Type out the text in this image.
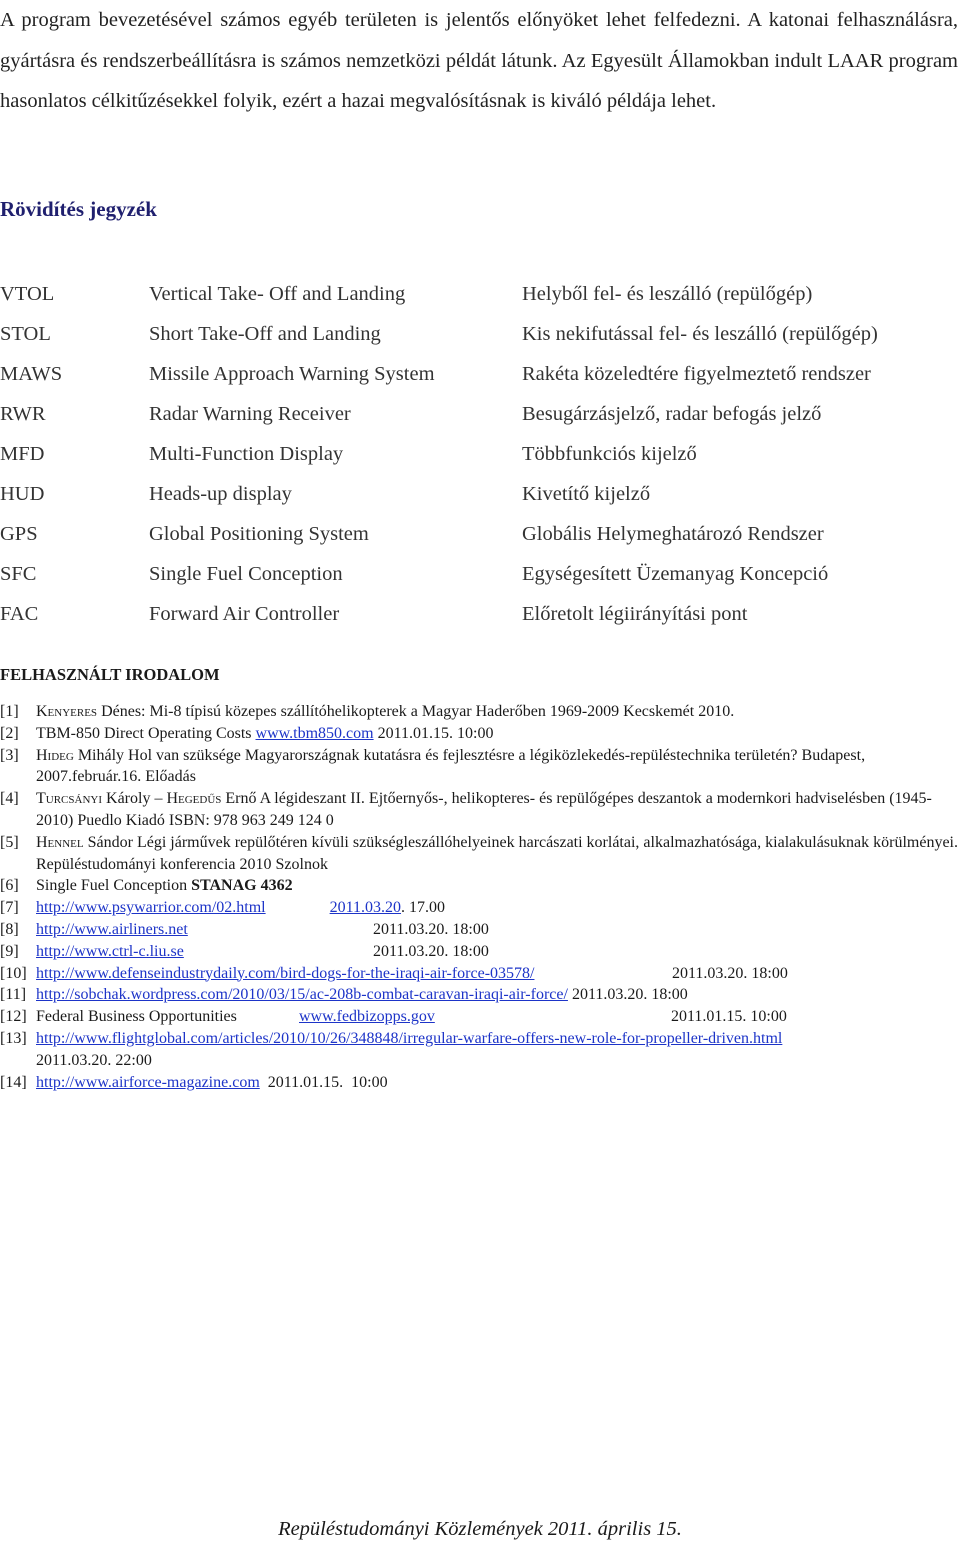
A program bevezetésével számos egyéb területen is jelentős előnyöket lehet felfedezni. A katonai felhasználásra, gyártásra és rendszerbeállításra is számos nemzetközi példát látunk. Az Egyesült Államokban indult LAAR program hasonlatos célkitűzésekkel folyik, ezért a hazai megvalósításnak is kiváló példája lehet.

Rövidítés jegyzék
VTOL	Vertical Take- Off and Landing	Helyből fel- és leszálló (repülőgép)
STOL	Short Take-Off and Landing	Kis nekifutással fel- és leszálló (repülőgép)
MAWS	Missile Approach Warning System	Rakéta közeledtére figyelmeztető rendszer
RWR	Radar Warning Receiver	Besugárzásjelző, radar befogás jelző
MFD	Multi-Function Display	Többfunkciós kijelző
HUD	Heads-up display	Kivetítő kijelző
GPS	Global Positioning System	Globális Helymeghatározó Rendszer
SFC	Single Fuel Conception	Egységesített Üzemanyag Koncepció
FAC	Forward Air Controller	Előretolt légiirányítási pont
FELHASZNÁLT IRODALOM
[1] Kenyeres Dénes: Mi-8 típisú közepes szállítóhelikopterek a Magyar Haderőben 1969-2009 Kecskemét 2010.
[2] TBM-850 Direct Operating Costs www.tbm850.com 2011.01.15. 10:00
[3] Hideg Mihály Hol van szüksége Magyarországnak kutatásra és fejlesztésre a légiközlekedés-repüléstechnika területén? Budapest, 2007.február.16. Előadás
[4] Turcsányi Károly – Hegedűs Ernő A légideszant II. Ejtőernyős-, helikopteres- és repülőgépes deszantok a modernkori hadviselésben (1945-2010) Puedlo Kiadó ISBN: 978 963 249 124 0
[5] Hennel Sándor Légi járművek repülőtéren kívüli szükségleszállóhelyeinek harcászati korlátai, alkalmazhatósága, kialakulásuknak körülményei. Repüléstudományi konferencia 2010 Szolnok
[6] Single Fuel Conception STANAG 4362
[7] http://www.psywarrior.com/02.html	2011.03.20. 17.00
[8] http://www.airliners.net	2011.03.20. 18:00
[9] http://www.ctrl-c.liu.se	2011.03.20. 18:00
[10] http://www.defenseindustrydaily.com/bird-dogs-for-the-iraqi-air-force-03578/	2011.03.20. 18:00
[11] http://sobchak.wordpress.com/2010/03/15/ac-208b-combat-caravan-iraqi-air-force/ 2011.03.20. 18:00
[12] Federal Business Opportunities	www.fedbizopps.gov	2011.01.15. 10:00
[13] http://www.flightglobal.com/articles/2010/10/26/348848/irregular-warfare-offers-new-role-for-propeller-driven.html
2011.03.20. 22:00
[14] http://www.airforce-magazine.com  2011.01.15.  10:00
Repüléstudományi Közlemények 2011. április 15.
